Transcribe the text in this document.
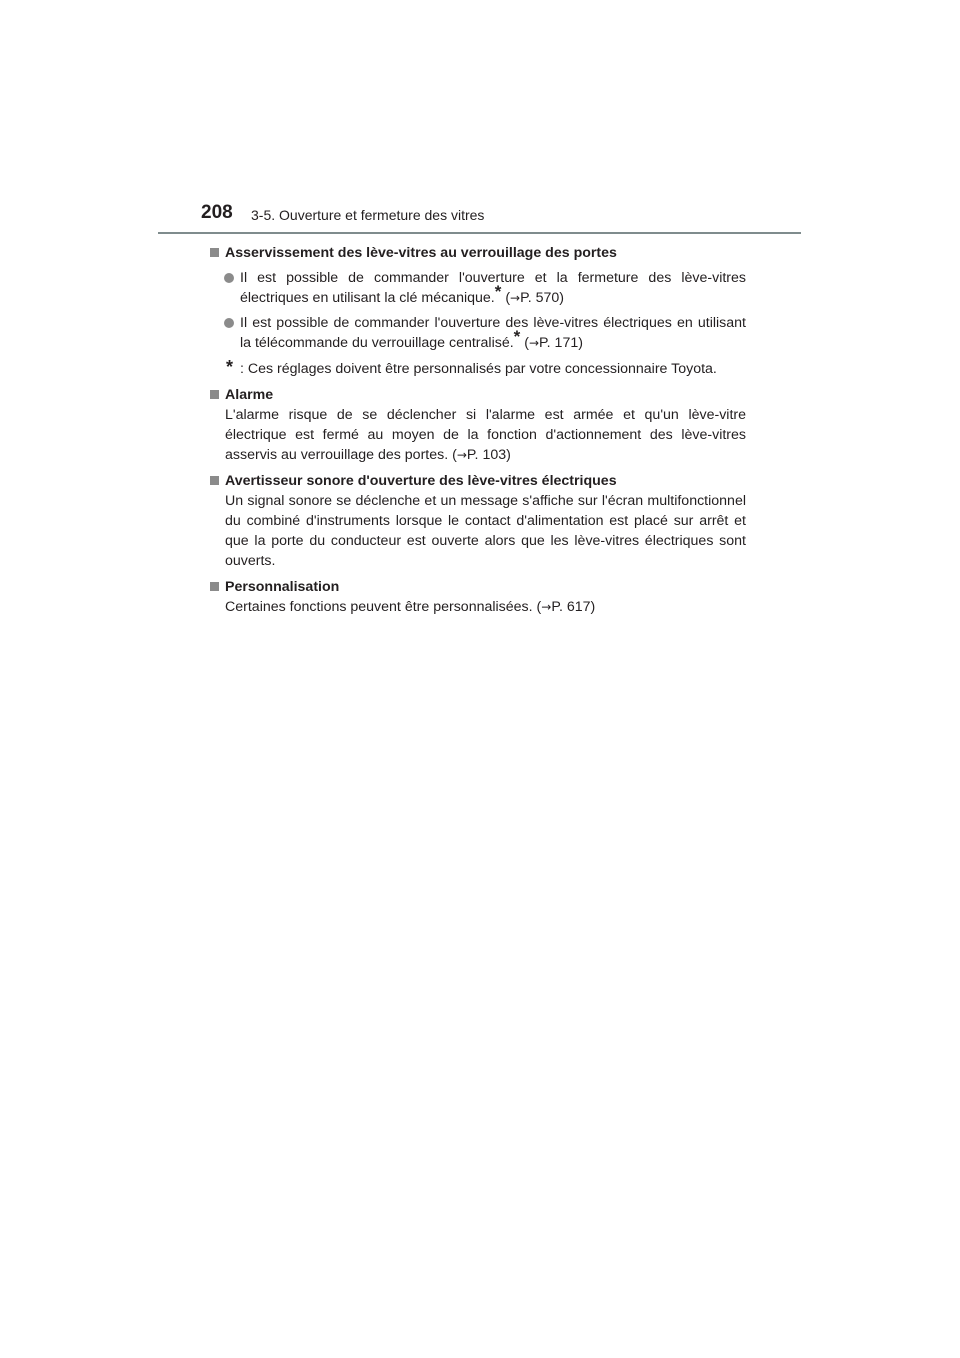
208 3-5. Ouverture et fermeture des vitres
Asservissement des lève-vitres au verrouillage des portes
Il est possible de commander l'ouverture et la fermeture des lève-vitres électriques en utilisant la clé mécanique.* (→P. 570)
Il est possible de commander l'ouverture des lève-vitres électriques en utilisant la télécommande du verrouillage centralisé.* (→P. 171)
* : Ces réglages doivent être personnalisés par votre concessionnaire Toyota.
Alarme
L'alarme risque de se déclencher si l'alarme est armée et qu'un lève-vitre électrique est fermé au moyen de la fonction d'actionnement des lève-vitres asservis au verrouillage des portes. (→P. 103)
Avertisseur sonore d'ouverture des lève-vitres électriques
Un signal sonore se déclenche et un message s'affiche sur l'écran multifonctionnel du combiné d'instruments lorsque le contact d'alimentation est placé sur arrêt et que la porte du conducteur est ouverte alors que les lève-vitres électriques sont ouverts.
Personnalisation
Certaines fonctions peuvent être personnalisées. (→P. 617)
